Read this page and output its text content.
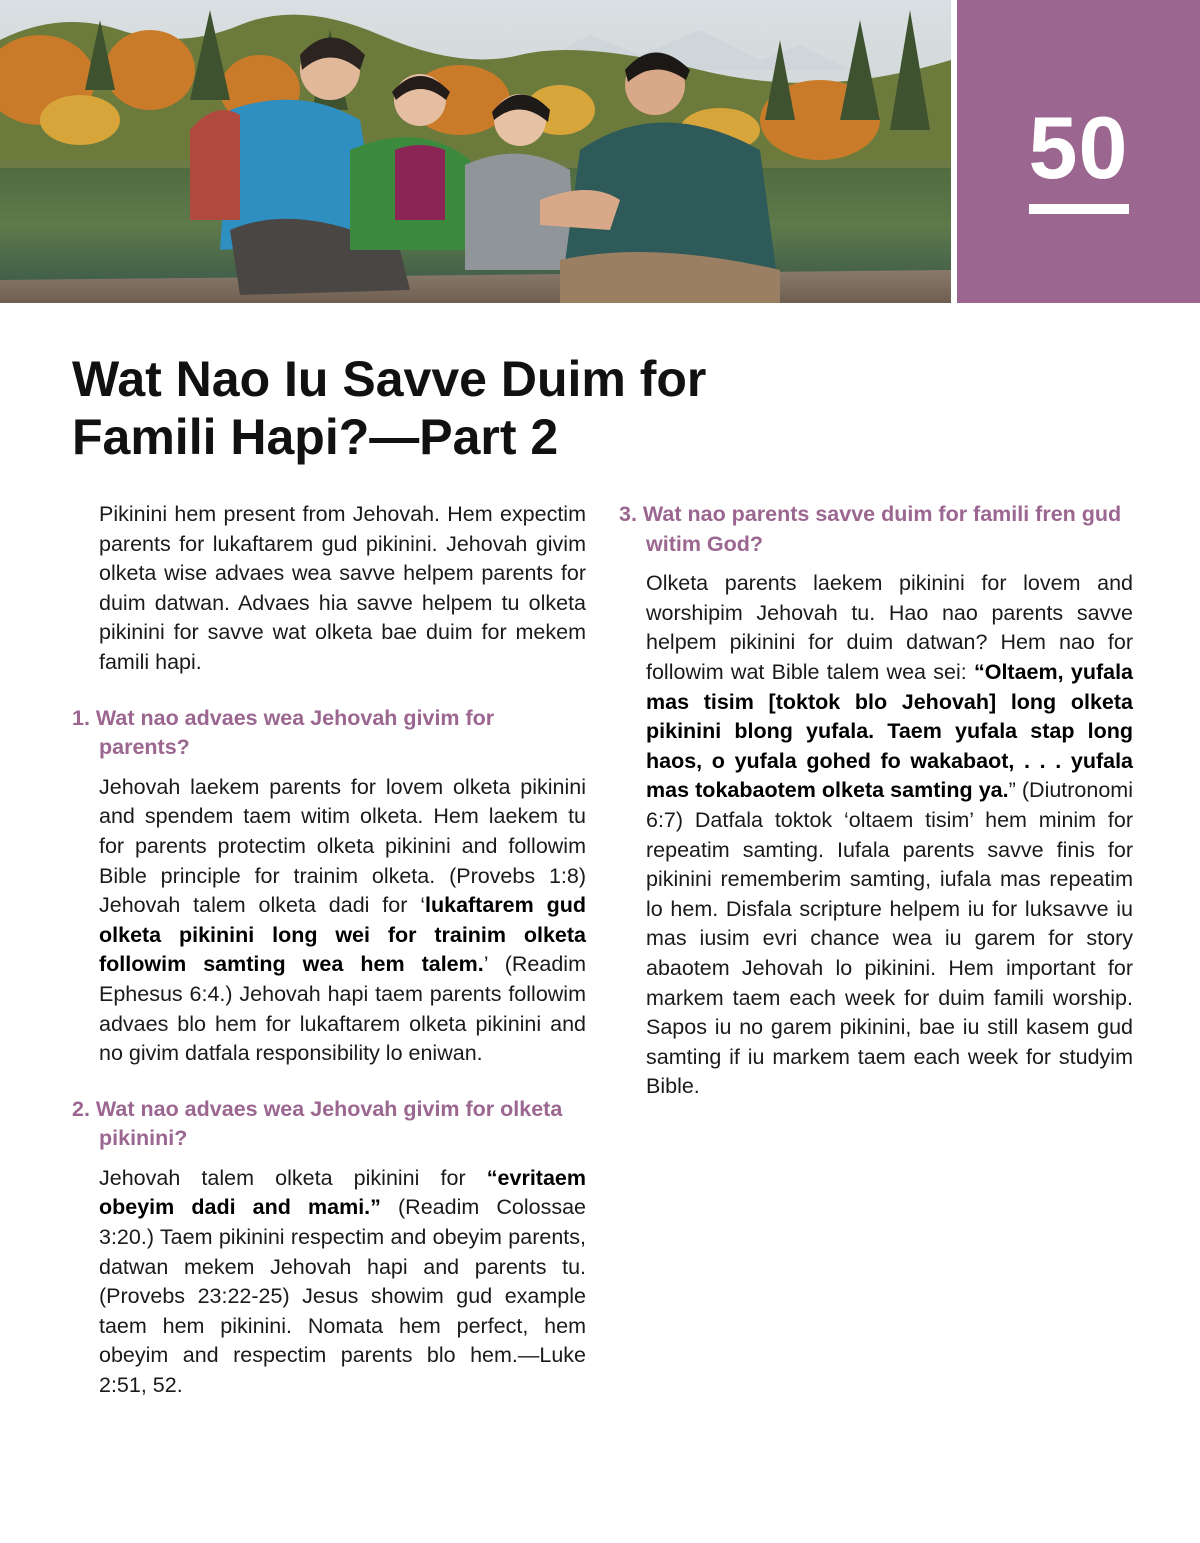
50
Wat Nao Iu Savve Duim for
Famili Hapi?—Part 2

Pikinini hem present from Jehovah. Hem expectim parents for lukaftarem gud pikinini. Jehovah givim olketa wise advaes wea savve helpem parents for duim datwan. Advaes hia savve helpem tu olketa pikinini for savve wat olketa bae duim for mekem famili hapi.

1. Wat nao advaes wea Jehovah givim for parents?

Jehovah laekem parents for lovem olketa pikinini and spendem taem witim olketa. Hem laekem tu for parents protectim olketa pikinini and followim Bible principle for trainim olketa. (Provebs 1:8) Jehovah talem olketa dadi for ‘lukaftarem gud olketa pikinini long wei for trainim olketa followim samting wea hem talem.’ (Readim Ephesus 6:4.) Jehovah hapi taem parents followim advaes blo hem for lukaftarem olketa pikinini and no givim datfala responsibility lo eniwan.

2. Wat nao advaes wea Jehovah givim for olketa pikinini?

Jehovah talem olketa pikinini for “evritaem obeyim dadi and mami.” (Readim Colossae 3:20.) Taem pikinini respectim and obeyim parents, datwan mekem Jehovah hapi and parents tu. (Provebs 23:22-25) Jesus showim gud example taem hem pikinini. Nomata hem perfect, hem obeyim and respectim parents blo hem.—Luke 2:51, 52.

3. Wat nao parents savve duim for famili fren gud witim God?

Olketa parents laekem pikinini for lovem and worshipim Jehovah tu. Hao nao parents savve helpem pikinini for duim datwan? Hem nao for followim wat Bible talem wea sei: “Oltaem, yufala mas tisim [toktok blo Jehovah] long olketa pikinini blong yufala. Taem yufala stap long haos, o yufala gohed fo wakabaot, . . . yufala mas tokabaotem olketa samting ya.” (Diutronomi 6:7) Datfala toktok ‘oltaem tisim’ hem minim for repeatim samting. Iufala parents savve finis for pikinini rememberim samting, iufala mas repeatim lo hem. Disfala scripture helpem iu for luksavve iu mas iusim evri chance wea iu garem for story abaotem Jehovah lo pikinini. Hem important for markem taem each week for duim famili worship. Sapos iu no garem pikinini, bae iu still kasem gud samting if iu markem taem each week for studyim Bible.
